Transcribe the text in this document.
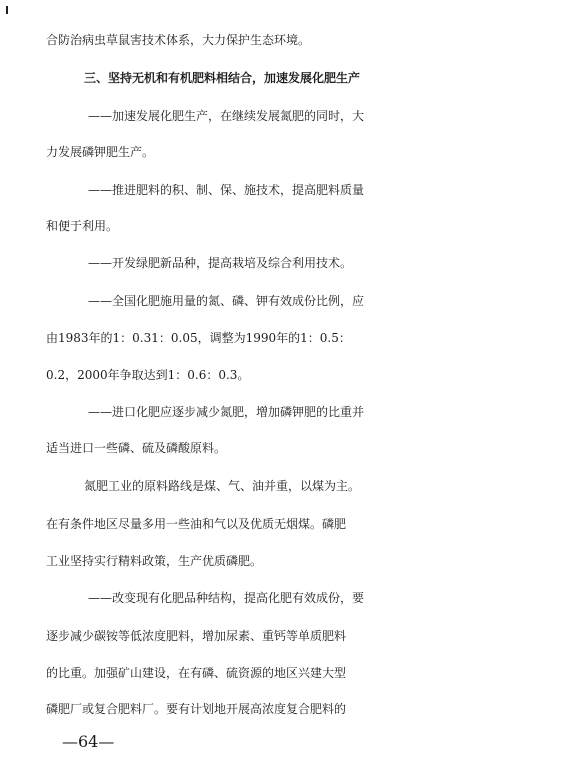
合防治病虫草鼠害技术体系，大力保护生态环境。
三、坚持无机和有机肥料相结合，加速发展化肥生产
——加速发展化肥生产，在继续发展氮肥的同时，大
力发展磷钾肥生产。
——推进肥料的积、制、保、施技术，提高肥料质量
和便于利用。
——开发绿肥新品种，提高栽培及综合利用技术。
——全国化肥施用量的氮、磷、钾有效成份比例，应
由1983年的1：0.31：0.05，调整为1990年的1：0.5：
0.2，2000年争取达到1：0.6：0.3。
——进口化肥应逐步减少氮肥，增加磷钾肥的比重并
适当进口一些磷、硫及磷酸原料。
氮肥工业的原料路线是煤、气、油并重，以煤为主。
在有条件地区尽量多用一些油和气以及优质无烟煤。磷肥
工业坚持实行精料政策，生产优质磷肥。
——改变现有化肥品种结构，提高化肥有效成份，要
逐步减少碳铵等低浓度肥料，增加尿素、重钙等单质肥料
的比重。加强矿山建设，在有磷、硫资源的地区兴建大型
磷肥厂或复合肥料厂。要有计划地开展高浓度复合肥料的
—64—
